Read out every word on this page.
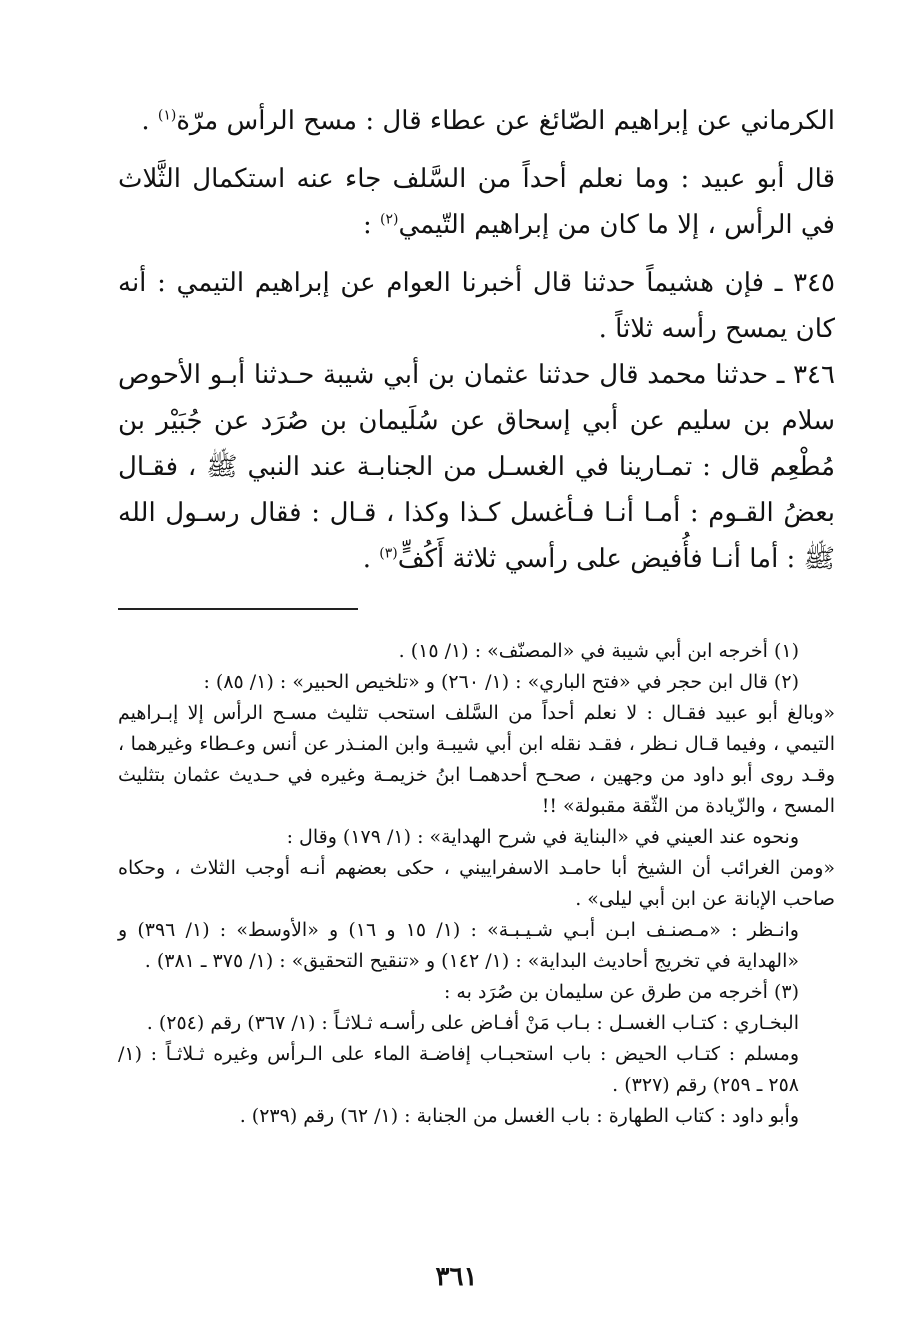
الكرماني عن إبراهيم الصّائغ عن عطاء قال : مسح الرأس مرّة$^{(١)}$ .

قال أبو عبيد : وما نعلم أحداً من السَّلف جاء عنه استكمال الثَّلاث في الرأس ، إلا ما كان من إبراهيم التّيمي$^{(٢)}$ :

٣٤٥ ـ فإن هشيماً حدثنا قال أخبرنا العوام عن إبراهيم التيمي : أنه كان يمسح رأسه ثلاثاً .

٣٤٦ ـ حدثنا محمد قال حدثنا عثمان بن أبي شيبة حـدثنا أبـو الأحوص سلام بن سليم عن أبي إسحاق عن سُلَيمان بن صُرَد عن جُبَيْر بن مُطْعِم قال : تمـارينا في الغسـل من الجنابـة عند النبي ﷺ ، فقـال بعضُ القـوم : أمـا أنـا فـأغسل كـذا وكذا ، قـال : فقال رسـول الله ﷺ : أما أنـا فأُفيض على رأسي ثلاثة أَكُفٍّ$^{(٣)}$ .

(١) أخرجه ابن أبي شيبة في «المصنّف» : (١/ ١٥) .

(٢) قال ابن حجر في «فتح الباري» : (١/ ٢٦٠) و «تلخيص الحبير» : (١/ ٨٥) :

«وبالغ أبو عبيد فقـال : لا نعلم أحداً من السَّلف استحب تثليث مسـح الرأس إلا إبـراهيم التيمي ، وفيما قـال نـظر ، فقـد نقله ابن أبي شيبـة وابن المنـذر عن أنس وعـطاء وغيرهما ، وقـد روى أبو داود من وجهين ، صحـح أحدهمـا ابنُ خزيمـة وغيره في حـديث عثمان بتثليث المسح ، والزّيادة من الثّقة مقبولة» !!

ونحوه عند العيني في «البناية في شرح الهداية» : (١/ ١٧٩) وقال :

«ومن الغرائب أن الشيخ أبا حامـد الاسفراييني ، حكى بعضهم أنـه أوجب الثلاث ، وحكاه صاحب الإبانة عن ابن أبي ليلى» .

وانـظر : «مـصنـف ابـن أبـي شـيـبـة» : (١/ ١٥ و ١٦) و «الأوسط» : (١/ ٣٩٦) و «الهداية في تخريج أحاديث البداية» : (١/ ١٤٢) و «تنقيح التحقيق» : (١/ ٣٧٥ ـ ٣٨١) .

(٣) أخرجه من طرق عن سليمان بن صُرَد به :

البخـاري : كتـاب الغسـل : بـاب مَنْ أفـاض على رأسـه ثـلاثـاً : (١/ ٣٦٧) رقم (٢٥٤) .

ومسلم : كتـاب الحيض : باب استحبـاب إفاضـة الماء على الـرأس وغيره ثـلاثـاً : (١/ ٢٥٨ ـ ٢٥٩) رقم (٣٢٧) .

وأبو داود : كتاب الطهارة : باب الغسل من الجنابة : (١/ ٦٢) رقم (٢٣٩) .

٣٦١
